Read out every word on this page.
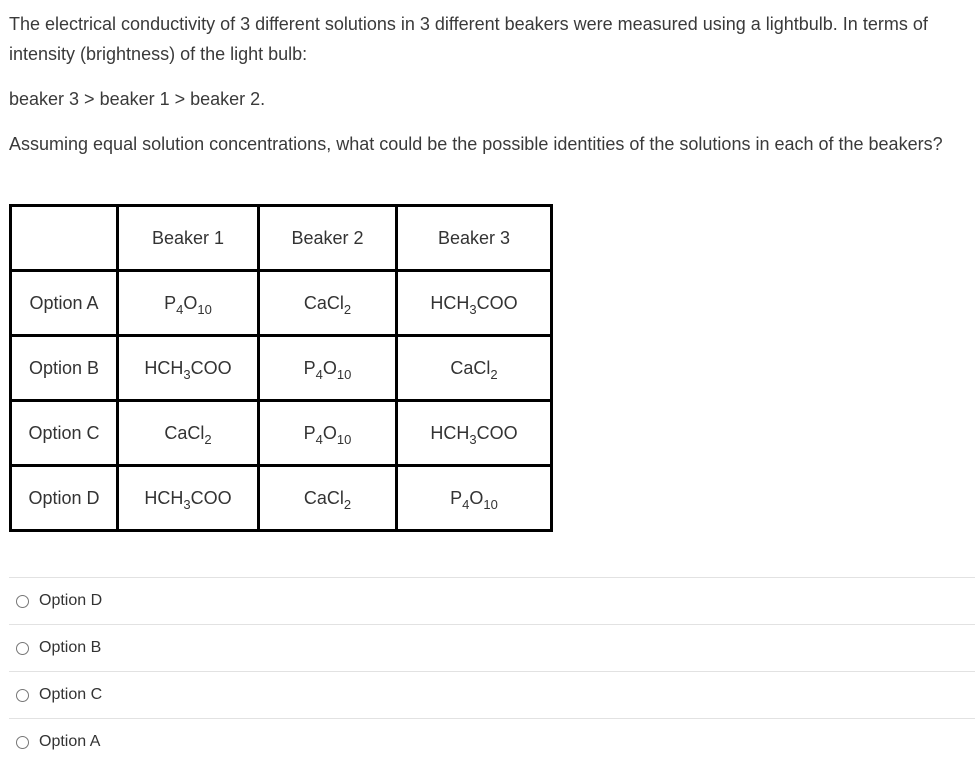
The electrical conductivity of 3 different solutions in 3 different beakers were measured using a lightbulb. In terms of intensity (brightness) of the light bulb:

beaker 3 > beaker 1 > beaker 2.

Assuming equal solution concentrations, what could be the possible identities of the solutions in each of the beakers?

	Beaker 1	Beaker 2	Beaker 3
Option A	$P_4O_{10}$	CaCl$_2$	$HCH_3COO$
Option B	$HCH_3COO$	$P_4O_{10}$	CaCl$_2$
Option C	CaCl$_2$	$P_4O_{10}$	$HCH_3COO$
Option D	$HCH_3COO$	CaCl$_2$	$P_4O_{10}$
Option D
Option B
Option C
Option A
